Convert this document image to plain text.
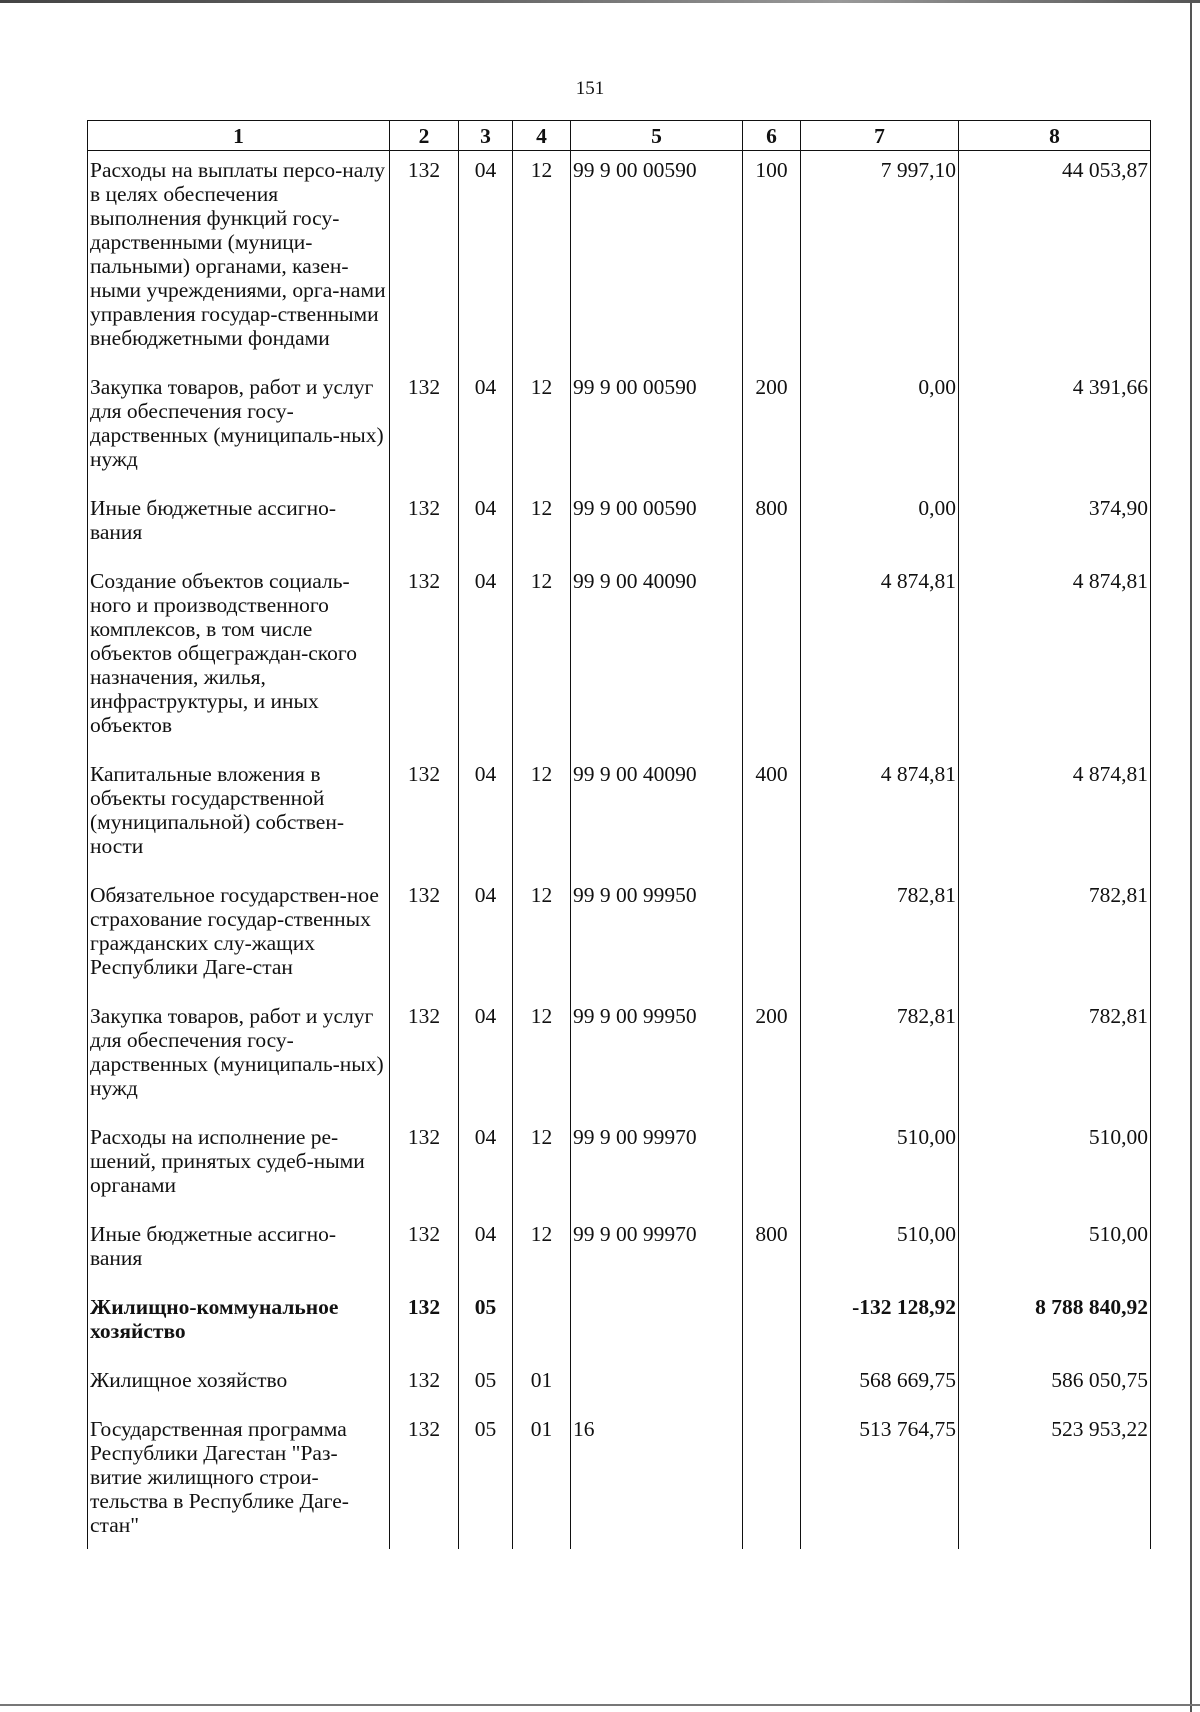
151
1	2	3	4	5	6	7	8
Расходы на выплаты персо-налу в целях обеспечения выполнения функций госу-дарственными (муници-пальными) органами, казен-ными учреждениями, орга-нами управления государ-ственными внебюджетными фондами	132	04	12	99 9 00 00590	100	7 997,10	44 053,87
Закупка товаров, работ и услуг для обеспечения госу-дарственных (муниципаль-ных) нужд	132	04	12	99 9 00 00590	200	0,00	4 391,66
Иные бюджетные ассигно-вания	132	04	12	99 9 00 00590	800	0,00	374,90
Создание объектов социаль-ного и производственного комплексов, в том числе объектов общеграждан-ского назначения, жилья, инфраструктуры, и иных объектов	132	04	12	99 9 00 40090		4 874,81	4 874,81
Капитальные вложения в объекты государственной (муниципальной) собствен-ности	132	04	12	99 9 00 40090	400	4 874,81	4 874,81
Обязательное государствен-ное страхование государ-ственных гражданских слу-жащих Республики Даге-стан	132	04	12	99 9 00 99950		782,81	782,81
Закупка товаров, работ и услуг для обеспечения госу-дарственных (муниципаль-ных) нужд	132	04	12	99 9 00 99950	200	782,81	782,81
Расходы на исполнение ре-шений, принятых судеб-ными органами	132	04	12	99 9 00 99970		510,00	510,00
Иные бюджетные ассигно-вания	132	04	12	99 9 00 99970	800	510,00	510,00
Жилищно-коммунальное хозяйство	132	05				-132 128,92	8 788 840,92
Жилищное хозяйство	132	05	01			568 669,75	586 050,75
Государственная программа Республики Дагестан "Раз-витие жилищного строи-тельства в Республике Даге-стан"	132	05	01	16		513 764,75	523 953,22
